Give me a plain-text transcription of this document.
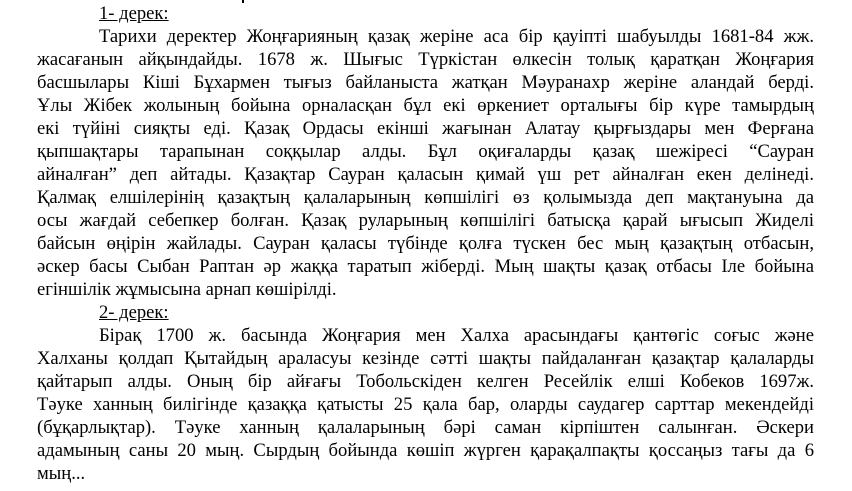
1- дерек:
Тарихи деректер Жоңғарияның қазақ жеріне аса бір қауіпті шабуылды 1681-84 жж.
жасағанын айқындайды. 1678 ж. Шығыс Түркістан өлкесін толық қаратқан Жоңғария
басшылары Кіші Бұхармен тығыз байланыста жатқан Мәуранахр жеріне аландай берді.
Ұлы Жібек жолының бойына орналасқан бұл екі өркениет орталығы бір күре тамырдың
екі түйіні сияқты еді. Қазақ Ордасы екінші жағынан Алатау қырғыздары мен Ферғана
қыпшақтары тарапынан соққылар алды. Бұл оқиғаларды қазақ шежіресі “Сауран
айналған” деп айтады. Қазақтар Сауран қаласын қимай үш рет айналған екен делінеді.
Қалмақ елшілерінің қазақтың қалаларының көпшілігі өз қолымызда деп мақтануына да
осы жағдай себепкер болған. Қазақ руларының көпшілігі батысқа қарай ығысып Жиделі
байсын өңірін жайлады. Сауран қаласы түбінде қолға түскен бес мың қазақтың отбасын,
әскер басы Сыбан Раптан әр жаққа таратып жіберді. Мың шақты қазақ отбасы Іле бойына
егіншілік жұмысына арнап көшірілді.
2- дерек:
Бірақ 1700 ж. басында Жоңғария мен Халха арасындағы қантөгіс соғыс және
Халханы қолдап Қытайдың араласуы кезінде сәтті шақты пайдаланған қазақтар қалаларды
қайтарып алды. Оның бір айғағы Тобольскіден келген Ресейлік елші Кобеков 1697ж.
Тәуке ханның билігінде қазаққа қатысты 25 қала бар, оларды саудагер сарттар мекендейді
(бұқарлықтар). Тәуке ханның қалаларының бәрі саман кірпіштен салынған. Әскери
адамының саны 20 мың. Сырдың бойында көшіп жүрген қарақалпақты қоссаңыз тағы да 6
мың...
